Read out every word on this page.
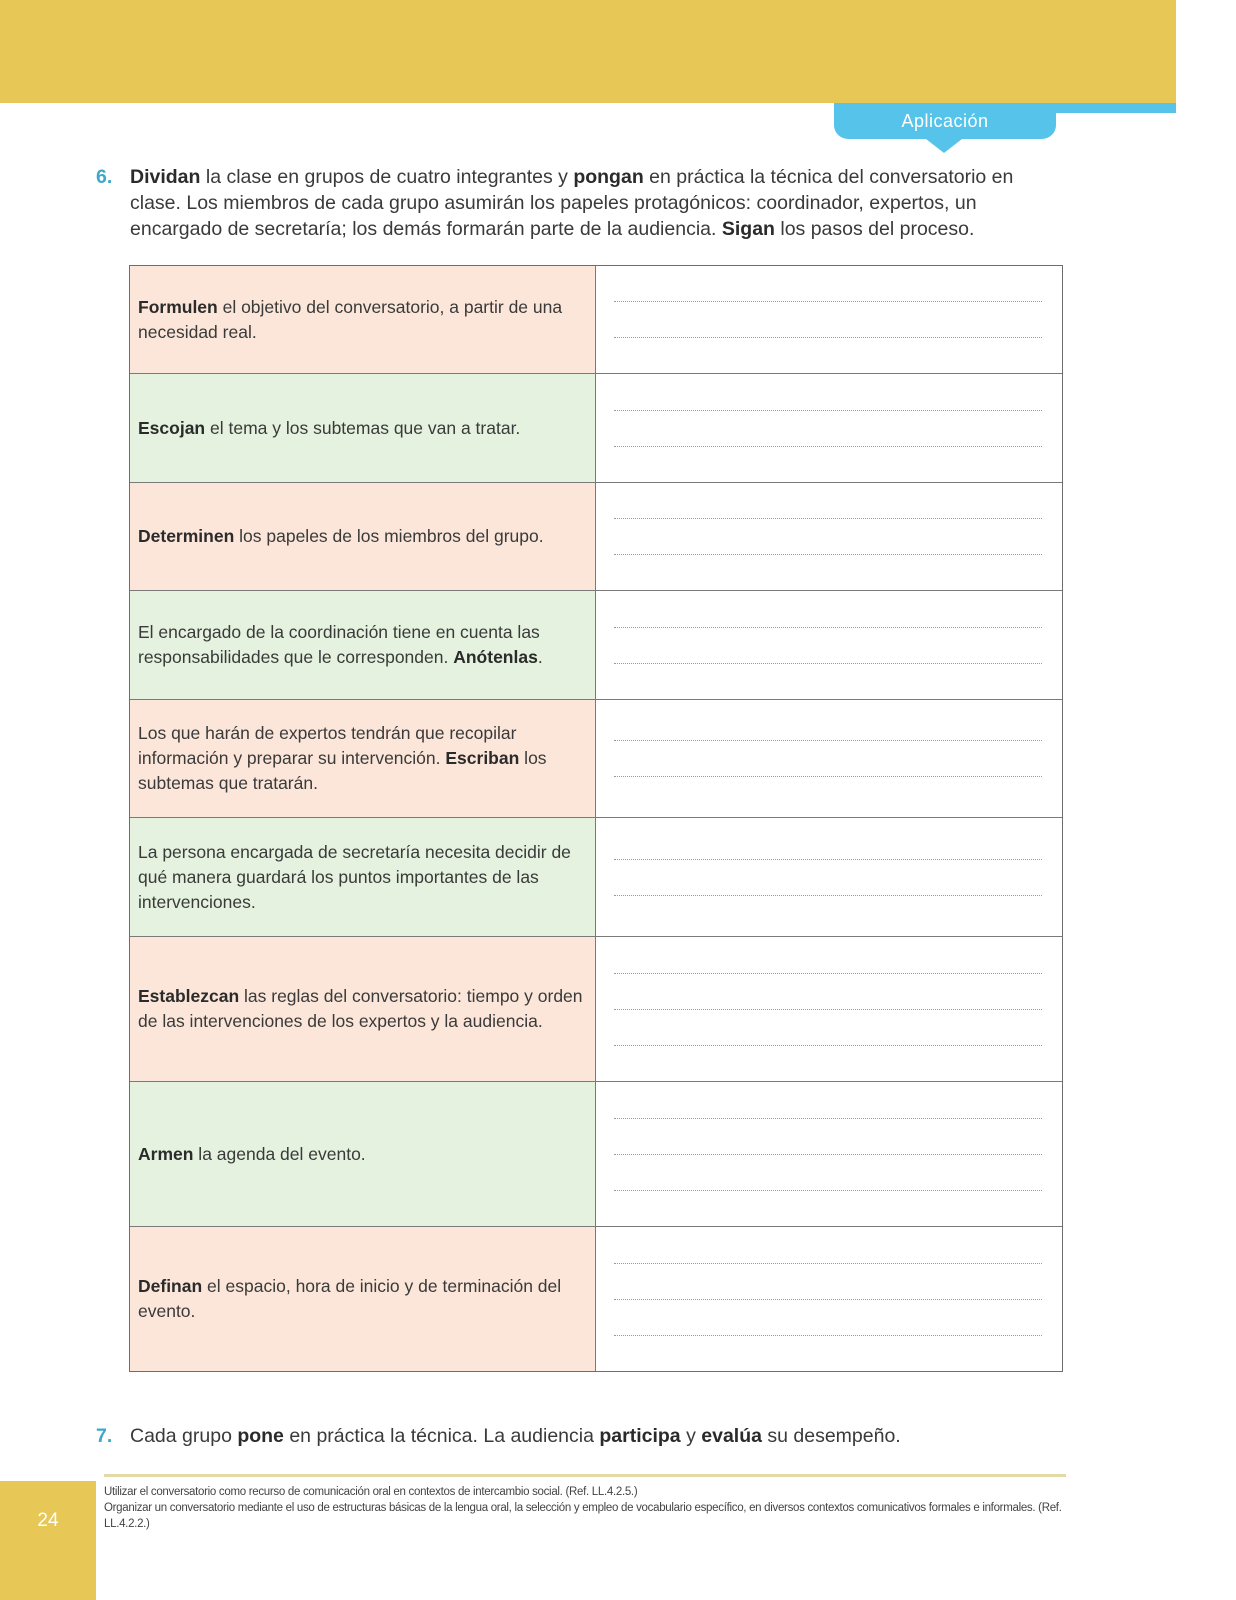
Aplicación
6. Dividan la clase en grupos de cuatro integrantes y pongan en práctica la técnica del conversatorio en clase. Los miembros de cada grupo asumirán los papeles protagónicos: coordinador, expertos, un encargado de secretaría; los demás formarán parte de la audiencia. Sigan los pasos del proceso.
Formulen el objetivo del conversatorio, a partir de una necesidad real.
Escojan el tema y los subtemas que van a tratar.
Determinen los papeles de los miembros del grupo.
El encargado de la coordinación tiene en cuenta las responsabilidades que le corresponden. Anótenlas.
Los que harán de expertos tendrán que recopilar información y preparar su intervención. Escriban los subtemas que tratarán.
La persona encargada de secretaría necesita decidir de qué manera guardará los puntos importantes de las intervenciones.
Establezcan las reglas del conversatorio: tiempo y orden de las intervenciones de los expertos y la audiencia.
Armen la agenda del evento.
Definan el espacio, hora de inicio y de terminación del evento.
7. Cada grupo pone en práctica la técnica. La audiencia participa y evalúa su desempeño.
Utilizar el conversatorio como recurso de comunicación oral en contextos de intercambio social. (Ref. LL.4.2.5.)
Organizar un conversatorio mediante el uso de estructuras básicas de la lengua oral, la selección y empleo de vocabulario específico, en diversos contextos comunicativos formales e informales. (Ref. LL.4.2.2.)
24
